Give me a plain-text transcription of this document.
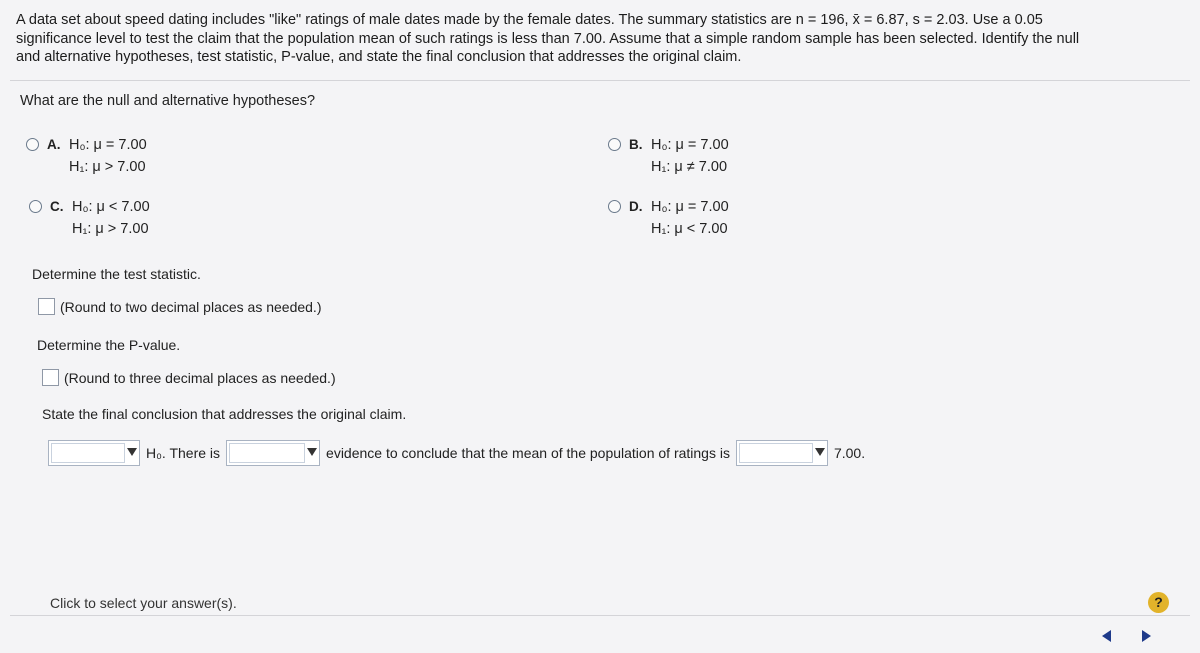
A data set about speed dating includes "like" ratings of male dates made by the female dates. The summary statistics are n = 196, x̄ = 6.87, s = 2.03. Use a 0.05
significance level to test the claim that the population mean of such ratings is less than 7.00. Assume that a simple random sample has been selected. Identify the null
and alternative hypotheses, test statistic, P-value, and state the final conclusion that addresses the original claim.
What are the null and alternative hypotheses?
A. H₀: μ = 7.00
H₁: μ > 7.00
B. H₀: μ = 7.00
H₁: μ ≠ 7.00
C. H₀: μ < 7.00
H₁: μ > 7.00
D. H₀: μ = 7.00
H₁: μ < 7.00
Determine the test statistic.
(Round to two decimal places as needed.)
Determine the P-value.
(Round to three decimal places as needed.)
State the final conclusion that addresses the original claim.
H₀. There is	evidence to conclude that the mean of the population of ratings is	7.00.
Click to select your answer(s).	?
